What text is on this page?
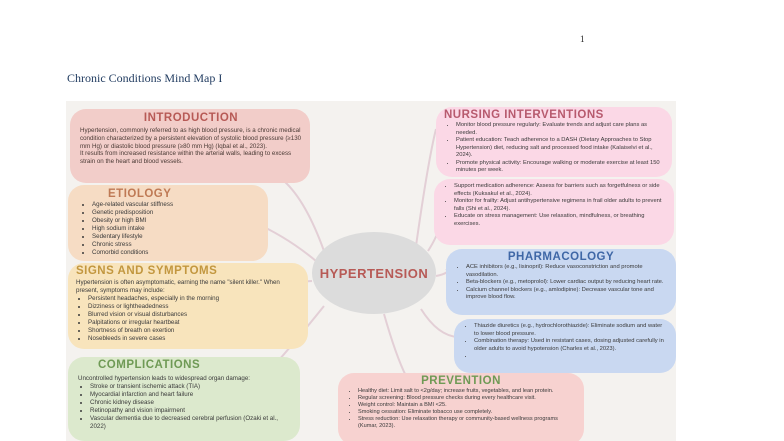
1
Chronic Conditions Mind Map I
INTRODUCTION

Hypertension, commonly referred to as high blood pressure, is a chronic medical condition characterized by a persistent elevation of systolic blood pressure (≥130 mm Hg) or diastolic blood pressure (≥80 mm Hg) (Iqbal et al., 2023).

It results from increased resistance within the arterial walls, leading to excess strain on the heart and blood vessels.

ETIOLOGY
• Age-related vascular stiffness
• Genetic predisposition
• Obesity or high BMI
• High sodium intake
• Sedentary lifestyle
• Chronic stress
• Comorbid conditions
SIGNS AND SYMPTOMS

Hypertension is often asymptomatic, earning the name "silent killer." When present, symptoms may include:

• Persistent headaches, especially in the morning
• Dizziness or lightheadedness
• Blurred vision or visual disturbances
• Palpitations or irregular heartbeat
• Shortness of breath on exertion
• Nosebleeds in severe cases
COMPLICATIONS

Uncontrolled hypertension leads to widespread organ damage:

• Stroke or transient ischemic attack (TIA)
• Myocardial infarction and heart failure
• Chronic kidney disease
• Retinopathy and vision impairment
• Vascular dementia due to decreased cerebral perfusion (Ozaki et al., 2022)
HYPERTENSION
NURSING INTERVENTIONS
• Monitor blood pressure regularly: Evaluate trends and adjust care plans as needed.
• Patient education: Teach adherence to a DASH (Dietary Approaches to Stop Hypertension) diet, reducing salt and processed food intake (Kalaiselvi et al., 2024).
• Promote physical activity: Encourage walking or moderate exercise at least 150 minutes per week.
• Support medication adherence: Assess for barriers such as forgetfulness or side effects (Kuksakul et al., 2024).
• Monitor for frailty: Adjust antihypertensive regimens in frail older adults to prevent falls (Shi et al., 2024).
• Educate on stress management: Use relaxation, mindfulness, or breathing exercises.
PHARMACOLOGY
• ACE inhibitors (e.g., lisinopril): Reduce vasoconstriction and promote vasodilation.
• Beta-blockers (e.g., metoprolol): Lower cardiac output by reducing heart rate.
• Calcium channel blockers (e.g., amlodipine): Decrease vascular tone and improve blood flow.
• Thiazide diuretics (e.g., hydrochlorothiazide): Eliminate sodium and water to lower blood pressure.
• Combination therapy: Used in resistant cases, dosing adjusted carefully in older adults to avoid hypotension (Charles et al., 2023).
•
PREVENTION
• Healthy diet: Limit salt to <2g/day; increase fruits, vegetables, and lean protein.
• Regular screening: Blood pressure checks during every healthcare visit.
• Weight control: Maintain a BMI <25.
• Smoking cessation: Eliminate tobacco use completely.
• Stress reduction: Use relaxation therapy or community-based wellness programs (Kumar, 2023).
